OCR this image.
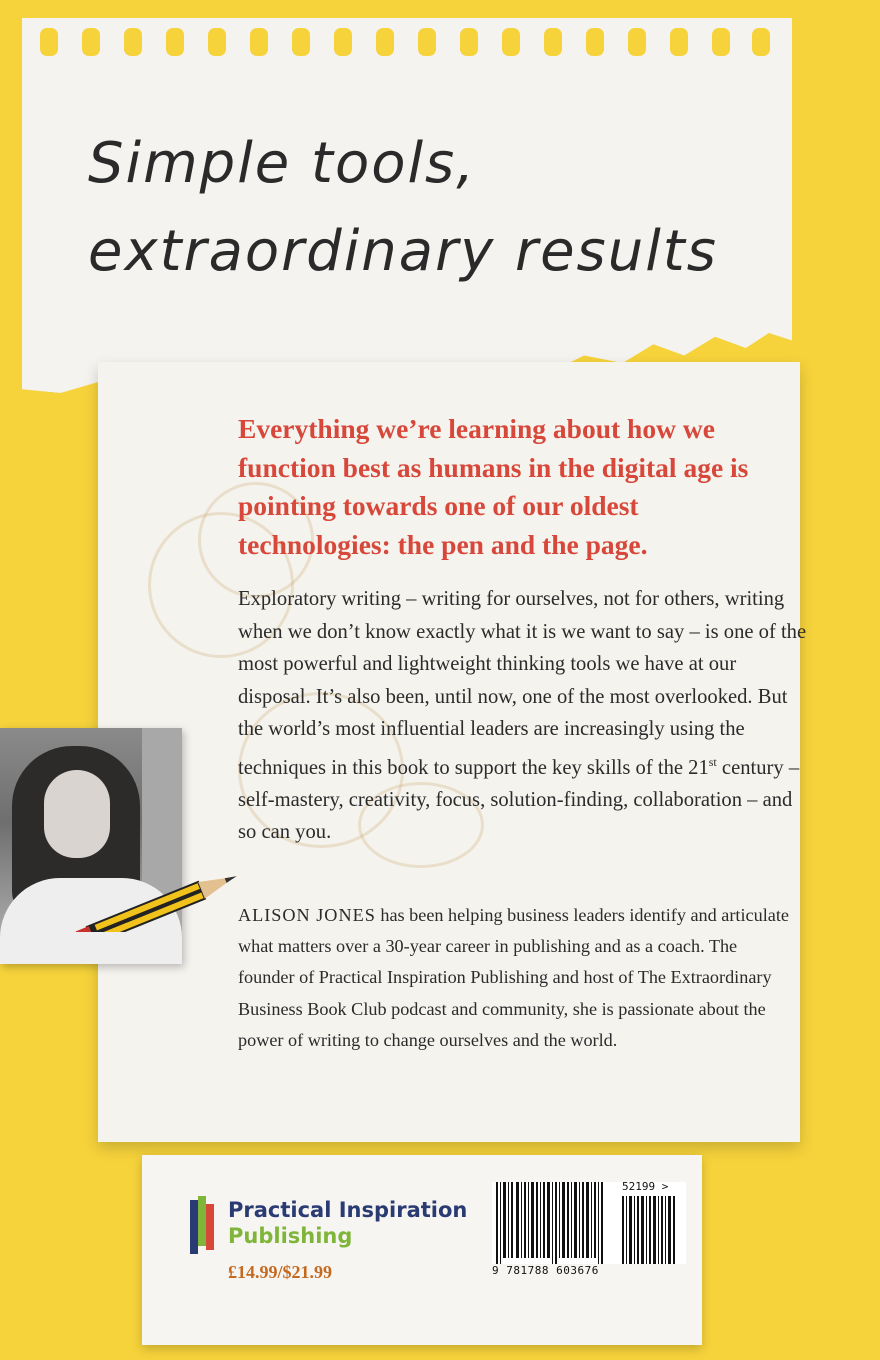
Simple tools,
extraordinary results
Everything we’re learning about how we function best as humans in the digital age is pointing towards one of our oldest technologies: the pen and the page.
Exploratory writing – writing for ourselves, not for others, writing when we don’t know exactly what it is we want to say – is one of the most powerful and lightweight thinking tools we have at our disposal. It’s also been, until now, one of the most overlooked. But the world’s most influential leaders are increasingly using the techniques in this book to support the key skills of the 21st century – self-mastery, creativity, focus, solution-finding, collaboration – and so can you.
ALISON JONES has been helping business leaders identify and articulate what matters over a 30-year career in publishing and as a coach. The founder of Practical Inspiration Publishing and host of The Extraordinary Business Book Club podcast and community, she is passionate about the power of writing to change ourselves and the world.
Practical Inspiration
Publishing
£14.99/$21.99	9 781788 603676
52199 >
